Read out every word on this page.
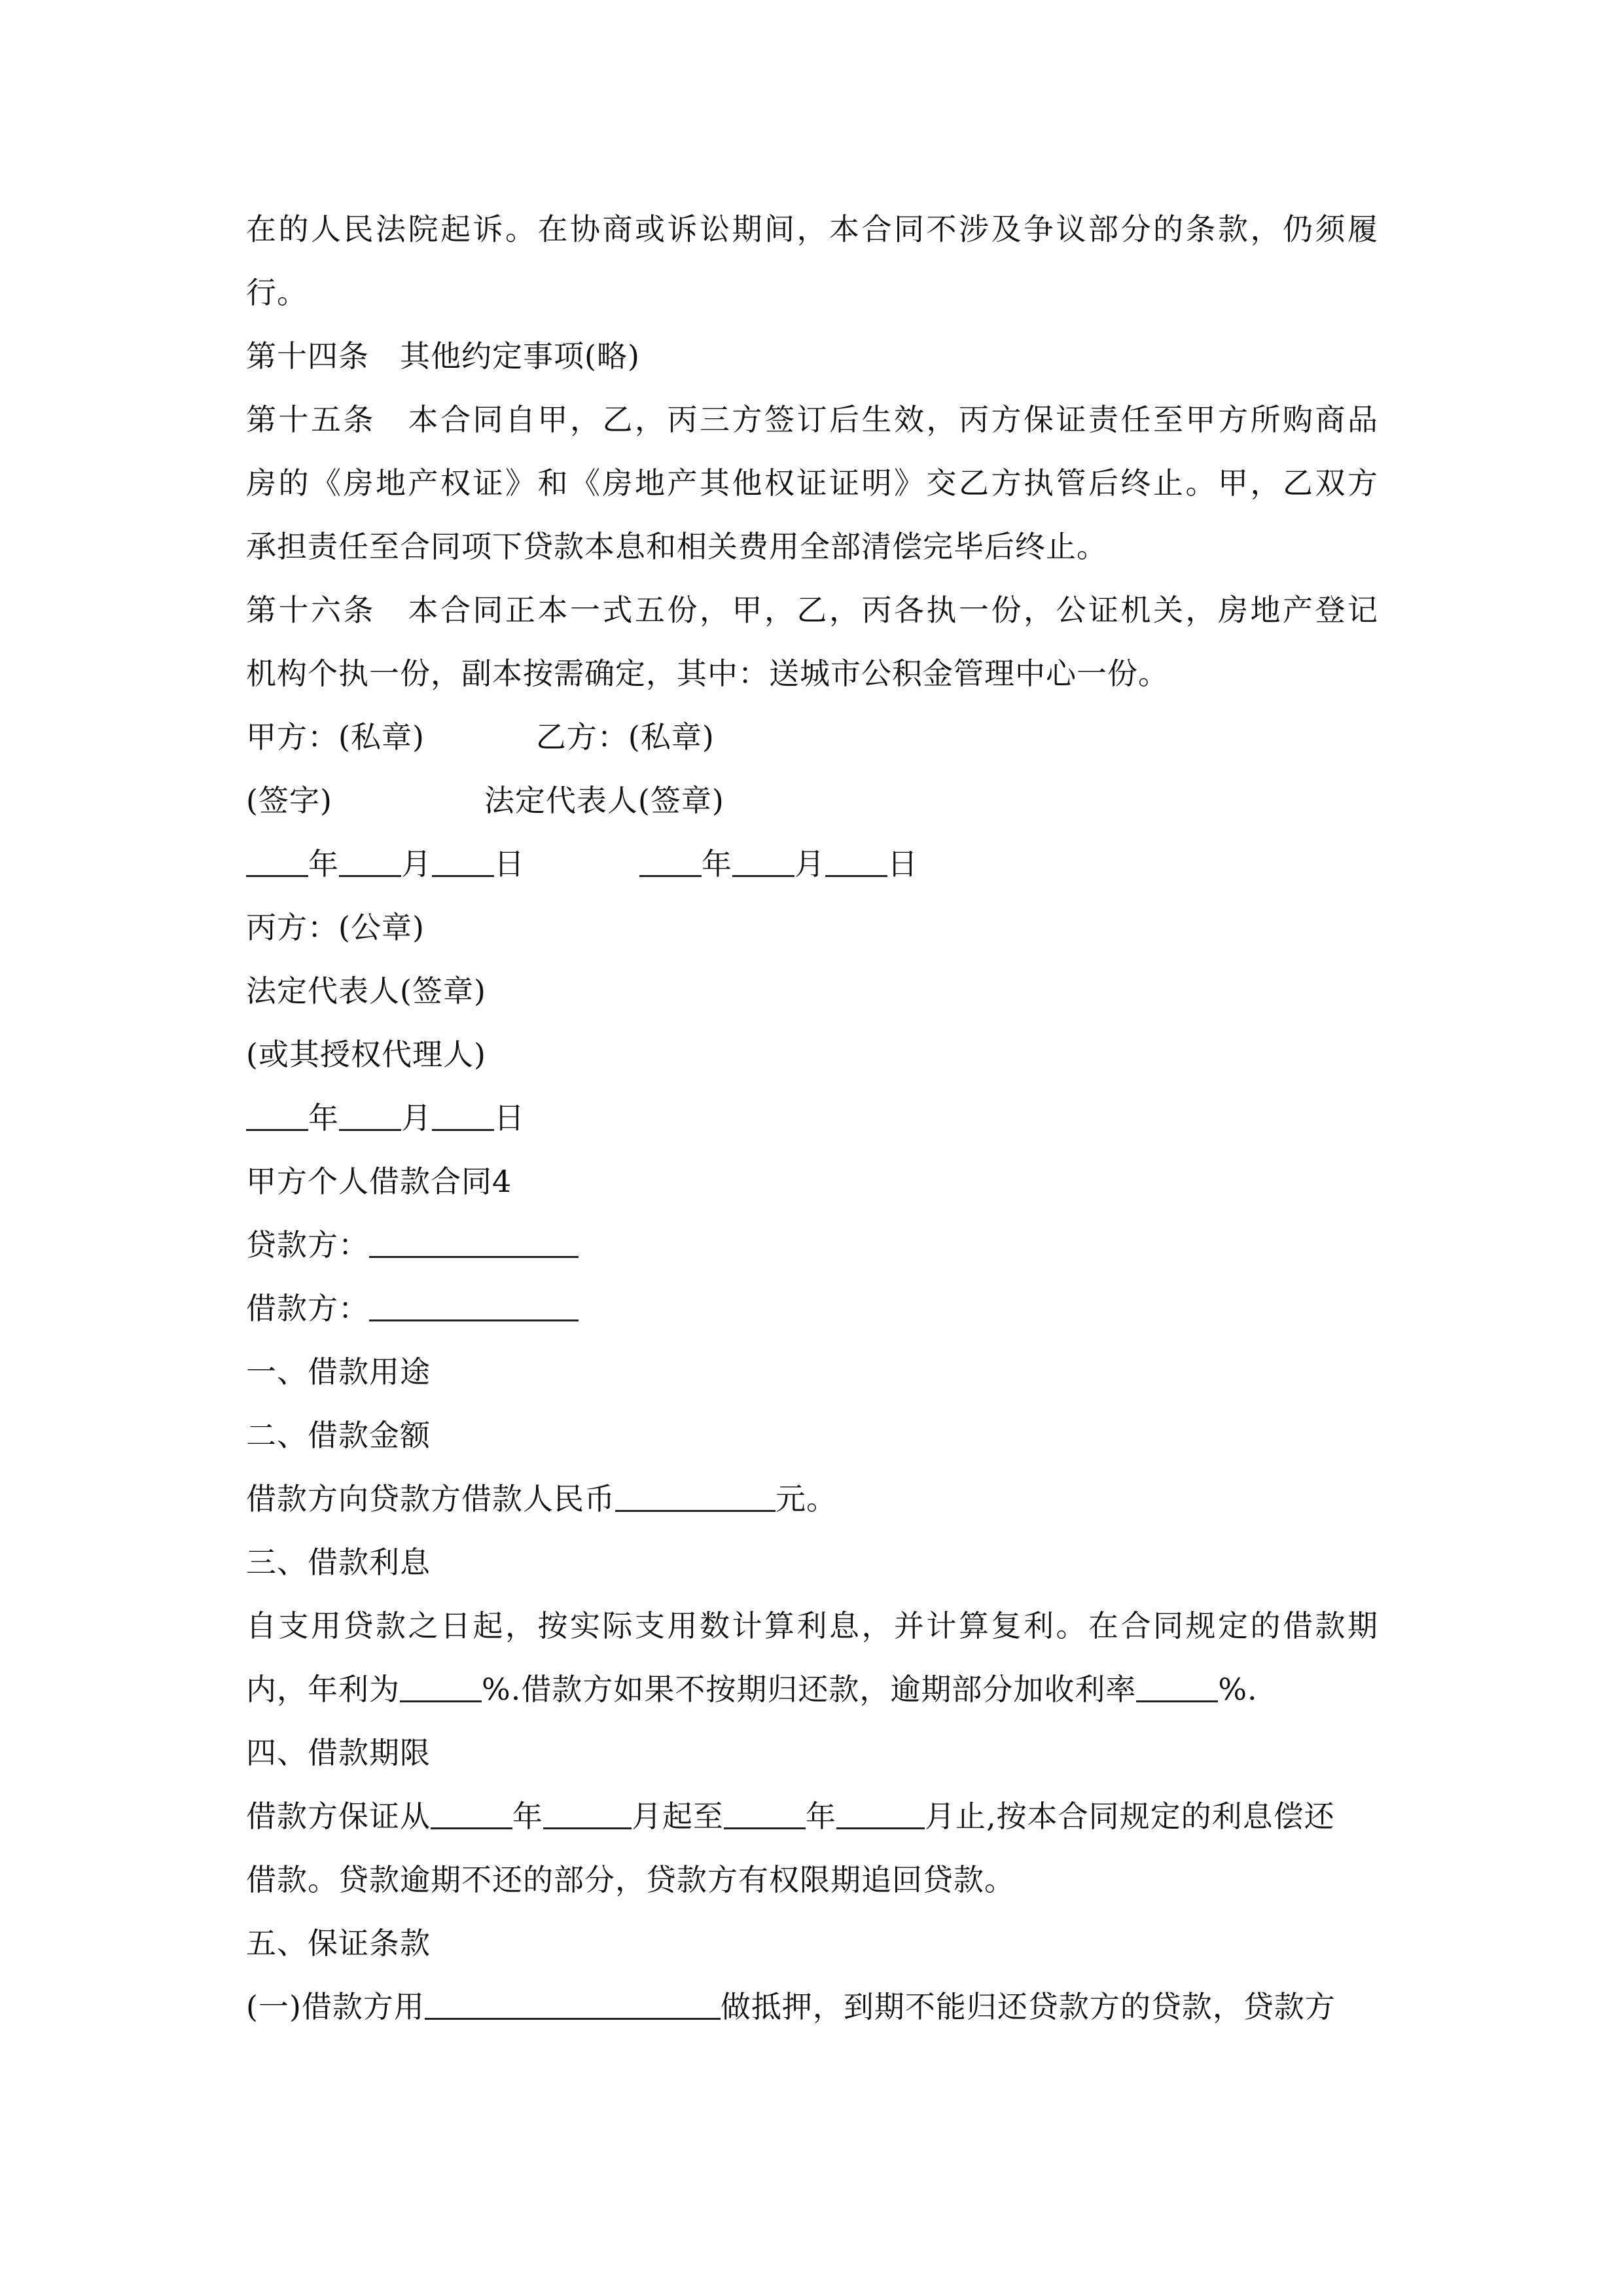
在的人民法院起诉。在协商或诉讼期间，本合同不涉及争议部分的条款，仍须履
行。
第十四条　其他约定事项(略)
第十五条　本合同自甲，乙，丙三方签订后生效，丙方保证责任至甲方所购商品
房的《房地产权证》和《房地产其他权证证明》交乙方执管后终止。甲，乙双方
承担责任至合同项下贷款本息和相关费用全部清偿完毕后终止。
第十六条　本合同正本一式五份，甲，乙，丙各执一份，公证机关，房地产登记
机构个执一份，副本按需确定，其中：送城市公积金管理中心一份。
甲方：(私章)	乙方：(私章)
(签字)	法定代表人(签章)
年 月 日	年 月 日
丙方：(公章)
法定代表人(签章)
(或其授权代理人)
年 月 日
甲方个人借款合同4
贷款方：
借款方：
一、借款用途
二、借款金额
借款方向贷款方借款人民币	元。
三、借款利息
自支用贷款之日起，按实际支用数计算利息，并计算复利。在合同规定的借款期
内，年利为	%.借款方如果不按期归还款，逾期部分加收利率	%.
四、借款期限
借款方保证从	年	月起至	年	月止,按本合同规定的利息偿还
借款。贷款逾期不还的部分，贷款方有权限期追回贷款。
五、保证条款
(一)借款方用	做抵押，到期不能归还贷款方的贷款，贷款方
